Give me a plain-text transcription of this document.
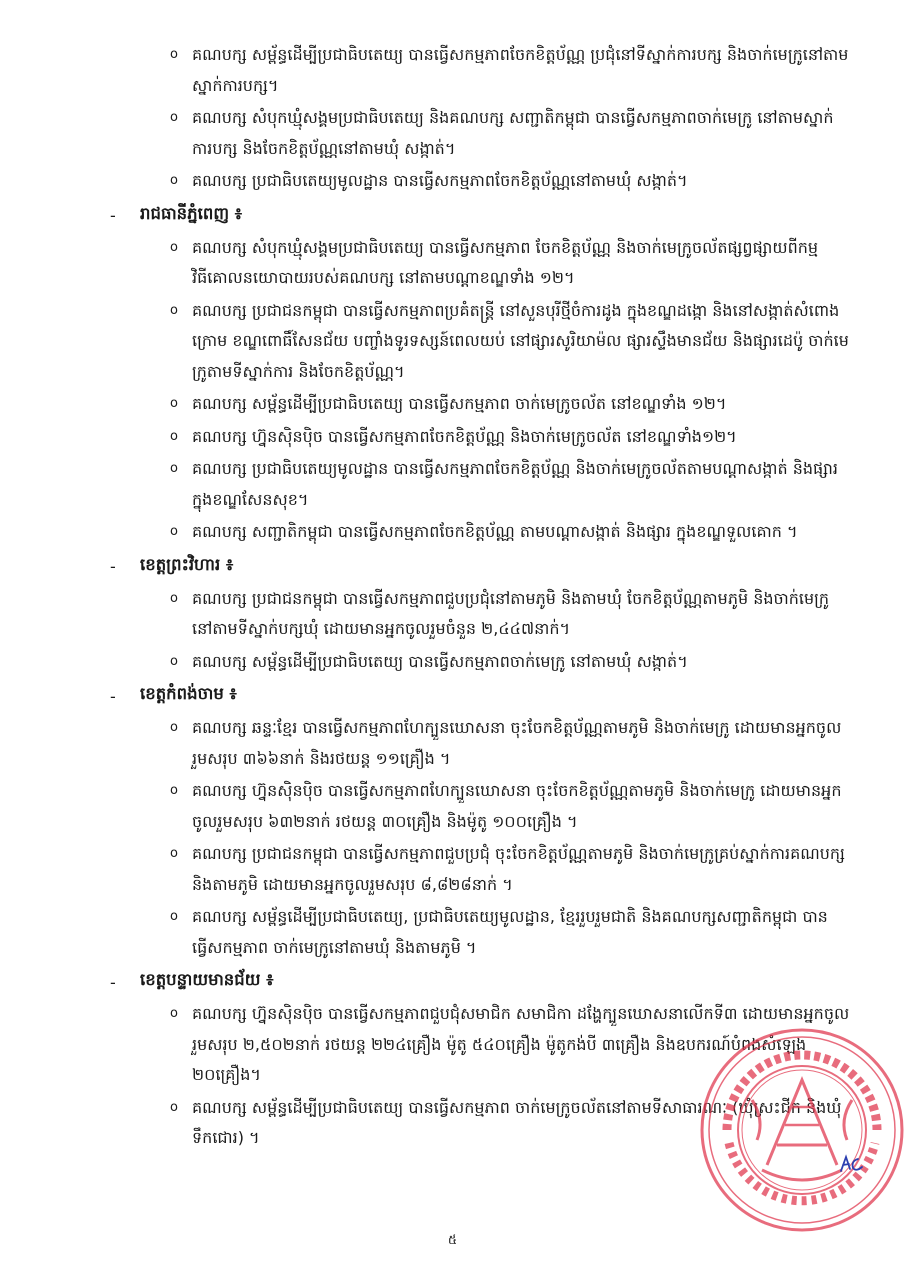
o គណបក្ស សម្ព័ន្ធដើម្បីប្រជាធិបតេយ្យ បានធ្វើសកម្មភាពចែកខិត្តប័ណ្ណ ប្រជុំនៅទីស្នាក់ការបក្ស និងចាក់មេក្រូនៅតាមស្នាក់ការបក្ស។
o គណបក្ស សំបុកឃ្មុំសង្គមប្រជាធិបតេយ្យ និងគណបក្ស សញ្ជាតិកម្ពុជា បានធ្វើសកម្មភាពចាក់មេក្រូ នៅតាមស្នាក់ការបក្ស និងចែកខិត្តប័ណ្ណនៅតាមឃុំ សង្កាត់។
o គណបក្ស ប្រជាធិបតេយ្យមូលដ្ឋាន បានធ្វើសកម្មភាពចែកខិត្តប័ណ្ណនៅតាមឃុំ សង្កាត់។
-	រាជធានីភ្នំពេញ ៖
o គណបក្ស សំបុកឃ្មុំសង្គមប្រជាធិបតេយ្យ បានធ្វើសកម្មភាព ចែកខិត្តប័ណ្ណ និងចាក់មេក្រូចល័តផ្សព្វផ្សាយពីកម្មវិធីគោលនយោបាយរបស់គណបក្ស នៅតាមបណ្តាខណ្ឌទាំង ១២។
o គណបក្ស ប្រជាជនកម្ពុជា បានធ្វើសកម្មភាពប្រគំតន្ត្រី នៅសួនបុរីថ្មីចំការដូង ក្នុងខណ្ឌដង្កោ និងនៅសង្កាត់សំពោងក្រោម ខណ្ឌពោធិ៍សែនជ័យ បញ្ចាំងទូរទស្សន៍ពេលយប់ នៅផ្សារសូរិយាម៉ល ផ្សារស្ទឹងមានជ័យ និងផ្សារដេប៉ូ ចាក់មេក្រូតាមទីស្នាក់ការ និងចែកខិត្តប័ណ្ណ។
o គណបក្ស សម្ព័ន្ធដើម្បីប្រជាធិបតេយ្យ បានធ្វើសកម្មភាព ចាក់មេក្រូចល័ត នៅខណ្ឌទាំង ១២។
o គណបក្ស ហ្វ៊ុនស៊ិនប៉ិច បានធ្វើសកម្មភាពចែកខិត្តប័ណ្ណ និងចាក់មេក្រូចល័ត នៅខណ្ឌទាំង១២។
o គណបក្ស ប្រជាធិបតេយ្យមូលដ្ឋាន បានធ្វើសកម្មភាពចែកខិត្តប័ណ្ណ និងចាក់មេក្រូចល័តតាមបណ្តាសង្កាត់ និងផ្សារ ក្នុងខណ្ឌសែនសុខ។
o គណបក្ស សញ្ជាតិកម្ពុជា បានធ្វើសកម្មភាពចែកខិត្តប័ណ្ណ តាមបណ្តាសង្កាត់ និងផ្សារ ក្នុងខណ្ឌទួលគោក ។
-	ខេត្តព្រះវិហារ ៖
o គណបក្ស ប្រជាជនកម្ពុជា បានធ្វើសកម្មភាពជួបប្រជុំនៅតាមភូមិ និងតាមឃុំ ចែកខិត្តប័ណ្ណតាមភូមិ និងចាក់មេក្រូ នៅតាមទីស្នាក់បក្សឃុំ ដោយមានអ្នកចូលរួមចំនួន ២,៤៤៧នាក់។
o គណបក្ស សម្ព័ន្ធដើម្បីប្រជាធិបតេយ្យ បានធ្វើសកម្មភាពចាក់មេក្រូ នៅតាមឃុំ សង្កាត់។
-	ខេត្តកំពង់ចាម ៖
o គណបក្ស ឆន្ទៈខ្មែរ បានធ្វើសកម្មភាពហែក្បួនឃោសនា ចុះចែកខិត្តប័ណ្ណតាមភូមិ និងចាក់មេក្រូ ដោយមានអ្នកចូលរួមសរុប ៣៦៦នាក់ និងរថយន្ត ១១គ្រឿង ។
o គណបក្ស ហ្វ៊ុនស៊ិនប៉ិច បានធ្វើសកម្មភាពហែក្បួនឃោសនា ចុះចែកខិត្តប័ណ្ណតាមភូមិ និងចាក់មេក្រូ ដោយមានអ្នកចូលរួមសរុប ៦៣២នាក់ រថយន្ត ៣០គ្រឿង និងម៉ូតូ ១០០គ្រឿង ។
o គណបក្ស ប្រជាជនកម្ពុជា បានធ្វើសកម្មភាពជួបប្រជុំ ចុះចែកខិត្តប័ណ្ណតាមភូមិ និងចាក់មេក្រូគ្រប់ស្នាក់ការគណបក្ស និងតាមភូមិ ដោយមានអ្នកចូលរួមសរុប ៨,៨២៨នាក់ ។
o គណបក្ស សម្ព័ន្ធដើម្បីប្រជាធិបតេយ្យ, ប្រជាធិបតេយ្យមូលដ្ឋាន, ខ្មែររួបរួមជាតិ និងគណបក្សសញ្ជាតិកម្ពុជា បានធ្វើសកម្មភាព ចាក់មេក្រូនៅតាមឃុំ និងតាមភូមិ ។
-	ខេត្តបន្ទាយមានជ័យ ៖
o គណបក្ស ហ្វ៊ុនស៊ិនប៉ិច បានធ្វើសកម្មភាពជួបជុំសមាជិក សមាជិកា ដង្ហែក្បួនឃោសនាលើកទី៣ ដោយមានអ្នកចូលរួមសរុប ២,៥០២នាក់ រថយន្ត ២២៤គ្រឿង ម៉ូតូ ៥៤០គ្រឿង ម៉ូតូកង់បី ៣គ្រឿង និងឧបករណ៍បំពងសំឡេង ២០គ្រឿង។
o គណបក្ស សម្ព័ន្ធដើម្បីប្រជាធិបតេយ្យ បានធ្វើសកម្មភាព ចាក់មេក្រូចល័តនៅតាមទីសាធារណៈ (ឃុំស្រះជីក និងឃុំទឹកជោរ) ។
៥
